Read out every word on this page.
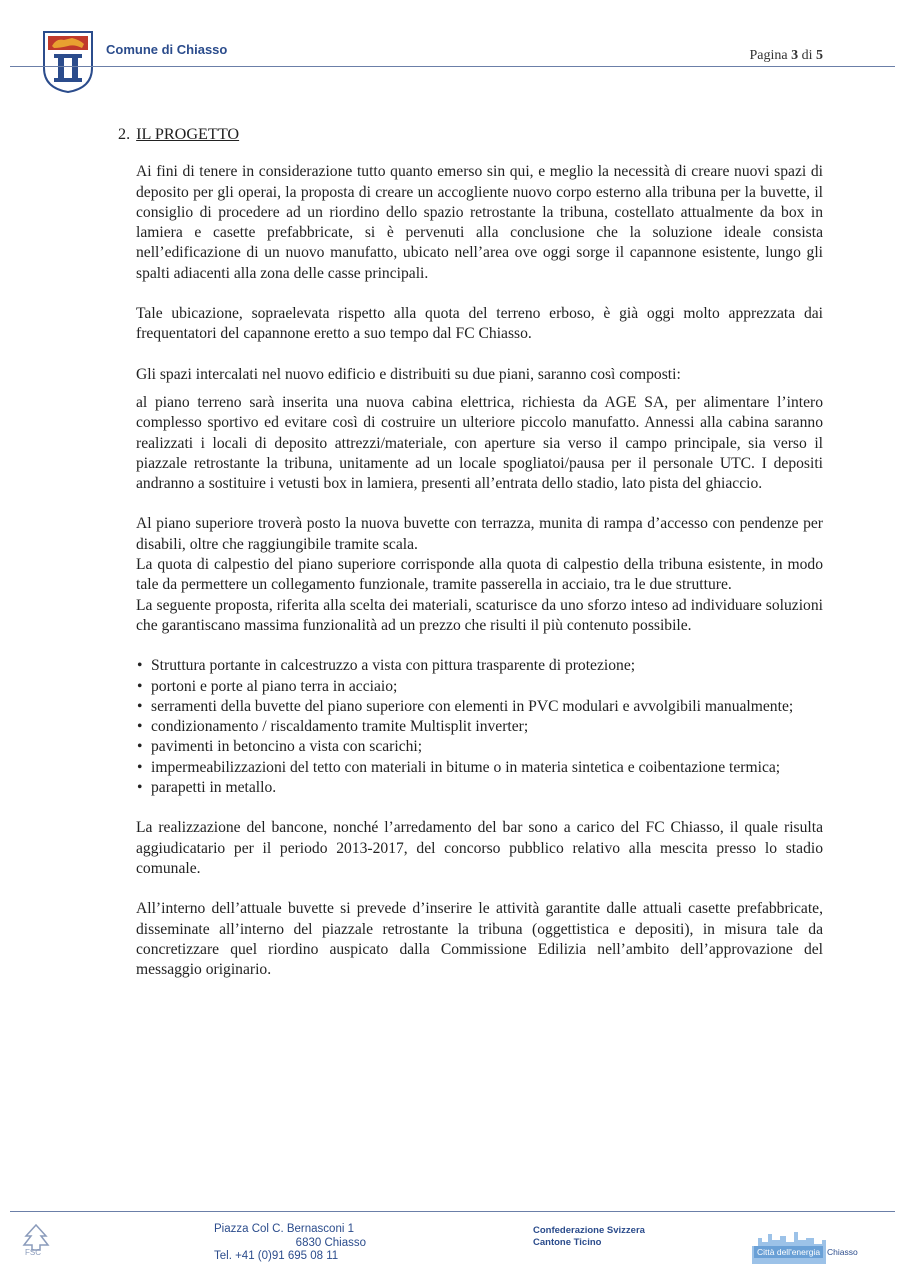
Comune di Chiasso	Pagina 3 di 5
2. IL PROGETTO

Ai fini di tenere in considerazione tutto quanto emerso sin qui, e meglio la necessità di creare nuovi spazi di deposito per gli operai, la proposta di creare un accogliente nuovo corpo esterno alla tribuna per la buvette, il consiglio di procedere ad un riordino dello spazio retrostante la tribuna, costellato attualmente da box in lamiera e casette prefabbricate, si è pervenuti alla conclusione che la soluzione ideale consista nell’edificazione di un nuovo manufatto, ubicato nell’area ove oggi sorge il capannone esistente, lungo gli spalti adiacenti alla zona delle casse principali.

Tale ubicazione, sopraelevata rispetto alla quota del terreno erboso, è già oggi molto apprezzata dai frequentatori del capannone eretto a suo tempo dal FC Chiasso.

Gli spazi intercalati nel nuovo edificio e distribuiti su due piani, saranno così composti:

al piano terreno sarà inserita una nuova cabina elettrica, richiesta da AGE SA, per alimentare l’intero complesso sportivo ed evitare così di costruire un ulteriore piccolo manufatto. Annessi alla cabina saranno realizzati i locali di deposito attrezzi/materiale, con aperture sia verso il campo principale, sia verso il piazzale retrostante la tribuna, unitamente ad un locale spogliatoi/pausa per il personale UTC. I depositi andranno a sostituire i vetusti box in lamiera, presenti all’entrata dello stadio, lato pista del ghiaccio.

Al piano superiore troverà posto la nuova buvette con terrazza, munita di rampa d’accesso con pendenze per disabili, oltre che raggiungibile tramite scala.

La quota di calpestio del piano superiore corrisponde alla quota di calpestio della tribuna esistente, in modo tale da permettere un collegamento funzionale, tramite passerella in acciaio, tra le due strutture.

La seguente proposta, riferita alla scelta dei materiali, scaturisce da uno sforzo inteso ad individuare soluzioni che garantiscano massima funzionalità ad un prezzo che risulti il più contenuto possibile.

• Struttura portante in calcestruzzo a vista con pittura trasparente di protezione;
• portoni e porte al piano terra in acciaio;
• serramenti della buvette del piano superiore con elementi in PVC modulari e avvolgibili manualmente;
• condizionamento / riscaldamento tramite Multisplit inverter;
• pavimenti in betoncino a vista con scarichi;
• impermeabilizzazioni del tetto con materiali in bitume o in materia sintetica e coibentazione termica;
• parapetti in metallo.

La realizzazione del bancone, nonché l’arredamento del bar sono a carico del FC Chiasso, il quale risulta aggiudicatario per il periodo 2013-2017, del concorso pubblico relativo alla mescita presso lo stadio comunale.

All’interno dell’attuale buvette si prevede d’inserire le attività garantite dalle attuali casette prefabbricate, disseminate all’interno del piazzale retrostante la tribuna (oggettistica e depositi), in misura tale da concretizzare quel riordino auspicato dalla Commissione Edilizia nell’ambito dell’approvazione del messaggio originario.

FSC
Piazza Col C. Bernasconi 1
6830 Chiasso
Tel. +41 (0)91 695 08 11
Confederazione Svizzera
Cantone Ticino
Città dell'energia Chiasso
